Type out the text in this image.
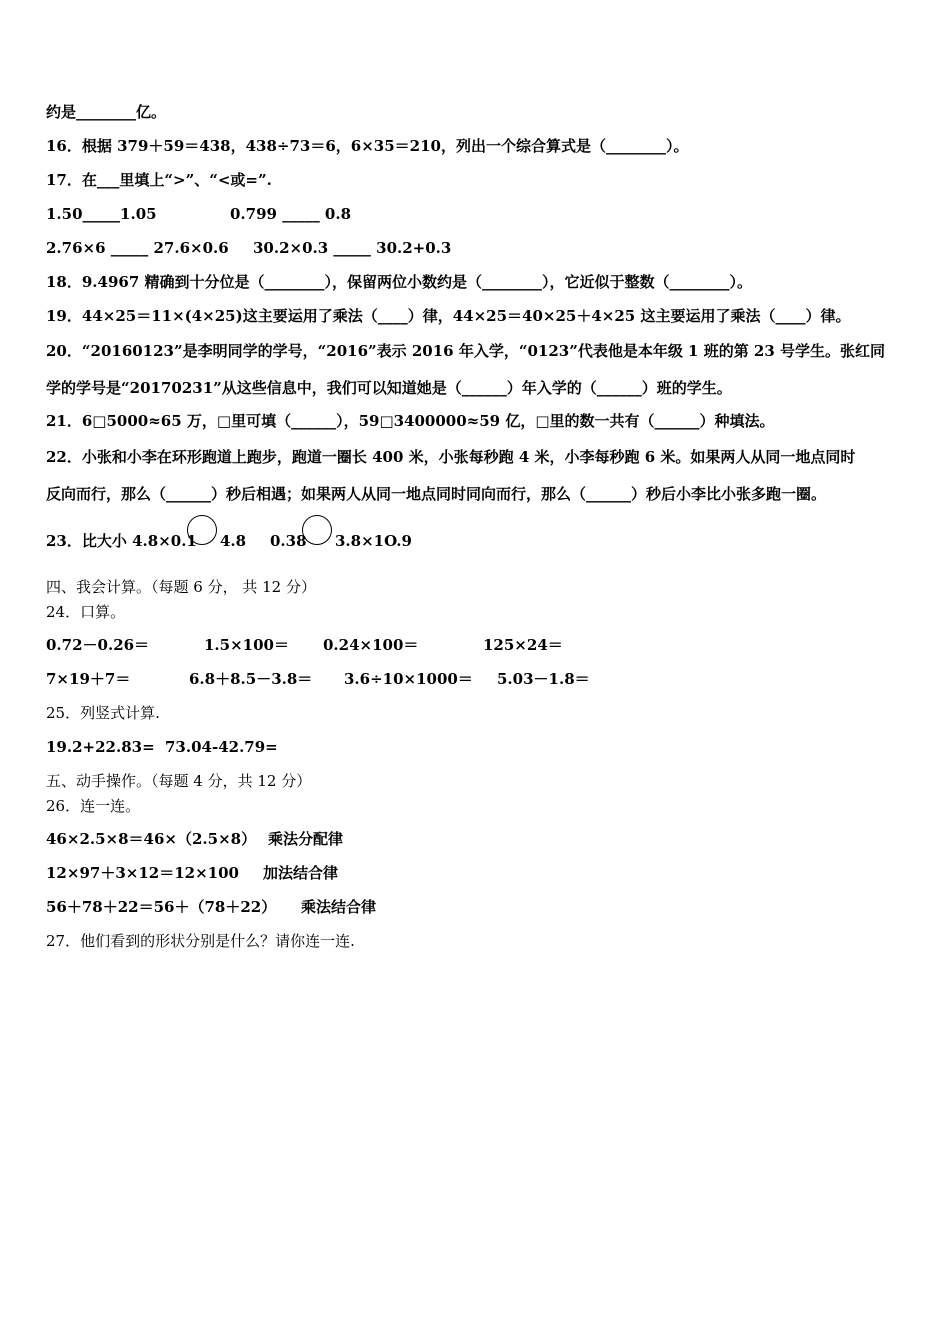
约是________亿。
16．根据 379＋59＝438，438÷73＝6，6×35＝210，列出一个综合算式是（________）。
17．在___里填上“>”、“<或=”.
1.50_____1.05	0.799 _____ 0.8
2.76×6 _____ 27.6×0.6 30.2×0.3 _____ 30.2+0.3
18．9.4967 精确到十分位是（________），保留两位小数约是（________），它近似于整数（________）。
19．44×25＝11×(4×25)这主要运用了乘法（____）律，44×25＝40×25＋4×25 这主要运用了乘法（____）律。
20．“20160123”是李明同学的学号，“2016”表示 2016 年入学，“0123”代表他是本年级 1 班的第 23 号学生。张红同
学的学号是“20170231”从这些信息中，我们可以知道她是（______）年入学的（______）班的学生。
21．6□5000≈65 万，□里可填（______），59□3400000≈59 亿，□里的数一共有（______）种填法。
22．小张和小李在环形跑道上跑步，跑道一圈长 400 米，小张每秒跑 4 米，小李每秒跑 6 米。如果两人从同一地点同时
反向而行，那么（______）秒后相遇；如果两人从同一地点同时同向而行，那么（______）秒后小李比小张多跑一圈。
23．比大小 4.8×0.1 4.8 0.38 3.8×1O.9
四、我会计算。（每题 6 分， 共 12 分）
24．口算。
0.72－0.26＝	1.5×100＝ 0.24×100＝	125×24＝
7×19＋7＝	6.8＋8.5－3.8＝ 3.6÷10×1000＝ 5.03－1.8＝
25．列竖式计算.
19.2+22.83= 73.04-42.79=
五、动手操作。（每题 4 分，共 12 分）
26．连一连。
46×2.5×8＝46×（2.5×8） 乘法分配律
12×97＋3×12＝12×100 加法结合律
56＋78＋22＝56＋（78＋22） 乘法结合律
27．他们看到的形状分别是什么？请你连一连.
